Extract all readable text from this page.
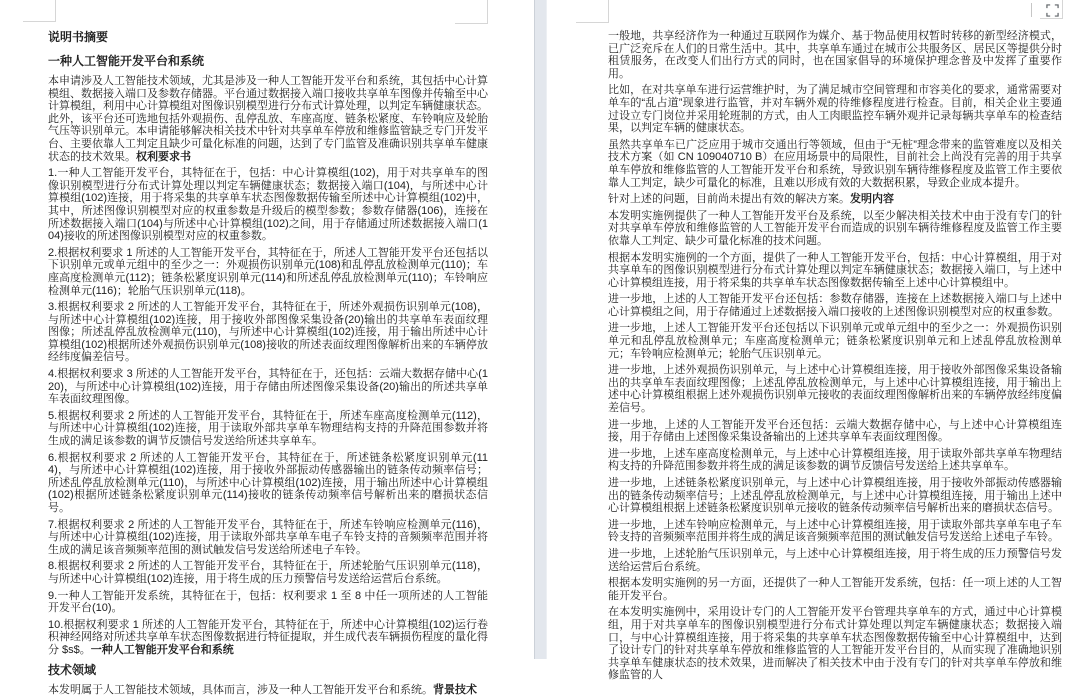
说明书摘要

一种人工智能开发平台和系统

本申请涉及人工智能技术领域，尤其是涉及一种人工智能开发平台和系统，其包括中心计算模组、数据接入端口及参数存储器。平台通过数据接入端口接收共享单车图像并传输至中心计算模组，利用中心计算模组对图像识别模型进行分布式计算处理，以判定车辆健康状态。此外，该平台还可选地包括外观损伤、乱停乱放、车座高度、链条松紧度、车铃响应及轮胎气压等识别单元。本申请能够解决相关技术中针对共享单车停放和维修监管缺乏专门开发平台、主要依靠人工判定且缺少可量化标准的问题，达到了专门监管及准确识别共享单车健康状态的技术效果。权利要求书

1.一种人工智能开发平台，其特征在于，包括：中心计算模组(102)，用于对共享单车的图像识别模型进行分布式计算处理以判定车辆健康状态；数据接入端口(104)，与所述中心计算模组(102)连接，用于将采集的共享单车状态图像数据传输至所述中心计算模组(102)中，其中，所述图像识别模型对应的权重参数是升级后的模型参数；参数存储器(106)，连接在所述数据接入端口(104)与所述中心计算模组(102)之间，用于存储通过所述数据接入端口(104)接收的所述图像识别模型对应的权重参数。

2.根据权利要求 1 所述的人工智能开发平台，其特征在于，所述人工智能开发平台还包括以下识别单元或单元组中的至少之一：外观损伤识别单元(108)和乱停乱放检测单元(110)；车座高度检测单元(112)；链条松紧度识别单元(114)和所述乱停乱放检测单元(110)；车铃响应检测单元(116)；轮胎气压识别单元(118)。

3.根据权利要求 2 所述的人工智能开发平台，其特征在于，所述外观损伤识别单元(108)，与所述中心计算模组(102)连接，用于接收外部图像采集设备(20)输出的共享单车表面纹理图像；所述乱停乱放检测单元(110)，与所述中心计算模组(102)连接，用于输出所述中心计算模组(102)根据所述外观损伤识别单元(108)接收的所述表面纹理图像解析出来的车辆停放经纬度偏差信号。

4.根据权利要求 3 所述的人工智能开发平台，其特征在于，还包括：云端大数据存储中心(120)，与所述中心计算模组(102)连接，用于存储由所述图像采集设备(20)输出的所述共享单车表面纹理图像。

5.根据权利要求 2 所述的人工智能开发平台，其特征在于，所述车座高度检测单元(112)，与所述中心计算模组(102)连接，用于读取外部共享单车物理结构支持的升降范围参数并将生成的满足该参数的调节反馈信号发送给所述共享单车。

6.根据权利要求 2 所述的人工智能开发平台，其特征在于，所述链条松紧度识别单元(114)，与所述中心计算模组(102)连接，用于接收外部振动传感器输出的链条传动频率信号；所述乱停乱放检测单元(110)，与所述中心计算模组(102)连接，用于输出所述中心计算模组(102)根据所述链条松紧度识别单元(114)接收的链条传动频率信号解析出来的磨损状态信号。

7.根据权利要求 2 所述的人工智能开发平台，其特征在于，所述车铃响应检测单元(116)，与所述中心计算模组(102)连接，用于读取外部共享单车电子车铃支持的音频频率范围并将生成的满足该音频频率范围的测试触发信号发送给所述电子车铃。

8.根据权利要求 2 所述的人工智能开发平台，其特征在于，所述轮胎气压识别单元(118)，与所述中心计算模组(102)连接，用于将生成的压力预警信号发送给运营后台系统。

9.一种人工智能开发系统，其特征在于，包括：权利要求 1 至 8 中任一项所述的人工智能开发平台(10)。

10.根据权利要求 1 所述的人工智能开发平台，其特征在于，所述中心计算模组(102)运行卷积神经网络对所述共享单车状态图像数据进行特征提取，并生成代表车辆损伤程度的量化得分 $s$。一种人工智能开发平台和系统

技术领域

本发明属于人工智能技术领域，具体而言，涉及一种人工智能开发平台和系统。背景技术

一般地，共享经济作为一种通过互联网作为媒介、基于物品使用权暂时转移的新型经济模式，已广泛充斥在人们的日常生活中。其中，共享单车通过在城市公共服务区、居民区等提供分时租赁服务，在改变人们出行方式的同时，也在国家倡导的环境保护理念普及中发挥了重要作用。

比如，在对共享单车进行运营维护时，为了满足城市空间管理和市容美化的要求，通常需要对单车的“乱占道”现象进行监管，并对车辆外观的待维修程度进行检查。目前，相关企业主要通过设立专门岗位并采用轮班制的方式，由人工肉眼监控车辆外观并记录每辆共享单车的检查结果，以判定车辆的健康状态。

虽然共享单车已广泛应用于城市交通出行等领域，但由于“无桩”理念带来的监管难度以及相关技术方案（如 CN 109040710 B）在应用场景中的局限性，目前社会上尚没有完善的用于共享单车停放和维修监管的人工智能开发平台和系统，导致识别车辆待维修程度及监管工作主要依靠人工判定，缺少可量化的标准，且难以形成有效的大数据积累，导致企业成本提升。

针对上述的问题，目前尚未提出有效的解决方案。发明内容

本发明实施例提供了一种人工智能开发平台及系统，以至少解决相关技术中由于没有专门的针对共享单车停放和维修监管的人工智能开发平台而造成的识别车辆待维修程度及监管工作主要依靠人工判定、缺少可量化标准的技术问题。

根据本发明实施例的一个方面，提供了一种人工智能开发平台，包括：中心计算模组，用于对共享单车的图像识别模型进行分布式计算处理以判定车辆健康状态；数据接入端口，与上述中心计算模组连接，用于将采集的共享单车状态图像数据传输至上述中心计算模组中。

进一步地，上述的人工智能开发平台还包括：参数存储器，连接在上述数据接入端口与上述中心计算模组之间，用于存储通过上述数据接入端口接收的上述图像识别模型对应的权重参数。

进一步地，上述人工智能开发平台还包括以下识别单元或单元组中的至少之一：外观损伤识别单元和乱停乱放检测单元；车座高度检测单元；链条松紧度识别单元和上述乱停乱放检测单元；车铃响应检测单元；轮胎气压识别单元。

进一步地，上述外观损伤识别单元，与上述中心计算模组连接，用于接收外部图像采集设备输出的共享单车表面纹理图像；上述乱停乱放检测单元，与上述中心计算模组连接，用于输出上述中心计算模组根据上述外观损伤识别单元接收的表面纹理图像解析出来的车辆停放经纬度偏差信号。

进一步地，上述的人工智能开发平台还包括：云端大数据存储中心，与上述中心计算模组连接，用于存储由上述图像采集设备输出的上述共享单车表面纹理图像。

进一步地，上述车座高度检测单元，与上述中心计算模组连接，用于读取外部共享单车物理结构支持的升降范围参数并将生成的满足该参数的调节反馈信号发送给上述共享单车。

进一步地，上述链条松紧度识别单元，与上述中心计算模组连接，用于接收外部振动传感器输出的链条传动频率信号；上述乱停乱放检测单元，与上述中心计算模组连接，用于输出上述中心计算模组根据上述链条松紧度识别单元接收的链条传动频率信号解析出来的磨损状态信号。

进一步地，上述车铃响应检测单元，与上述中心计算模组连接，用于读取外部共享单车电子车铃支持的音频频率范围并将生成的满足该音频频率范围的测试触发信号发送给上述电子车铃。

进一步地，上述轮胎气压识别单元，与上述中心计算模组连接，用于将生成的压力预警信号发送给运营后台系统。

根据本发明实施例的另一方面，还提供了一种人工智能开发系统，包括：任一项上述的人工智能开发平台。

在本发明实施例中，采用设计专门的人工智能开发平台管理共享单车的方式，通过中心计算模组，用于对共享单车的图像识别模型进行分布式计算处理以判定车辆健康状态；数据接入端口，与中心计算模组连接，用于将采集的共享单车状态图像数据传输至中心计算模组中，达到了设计专门的针对共享单车停放和维修监管的人工智能开发平台目的，从而实现了准确地识别共享单车健康状态的技术效果，进而解决了相关技术中由于没有专门的针对共享单车停放和维修监管的人
